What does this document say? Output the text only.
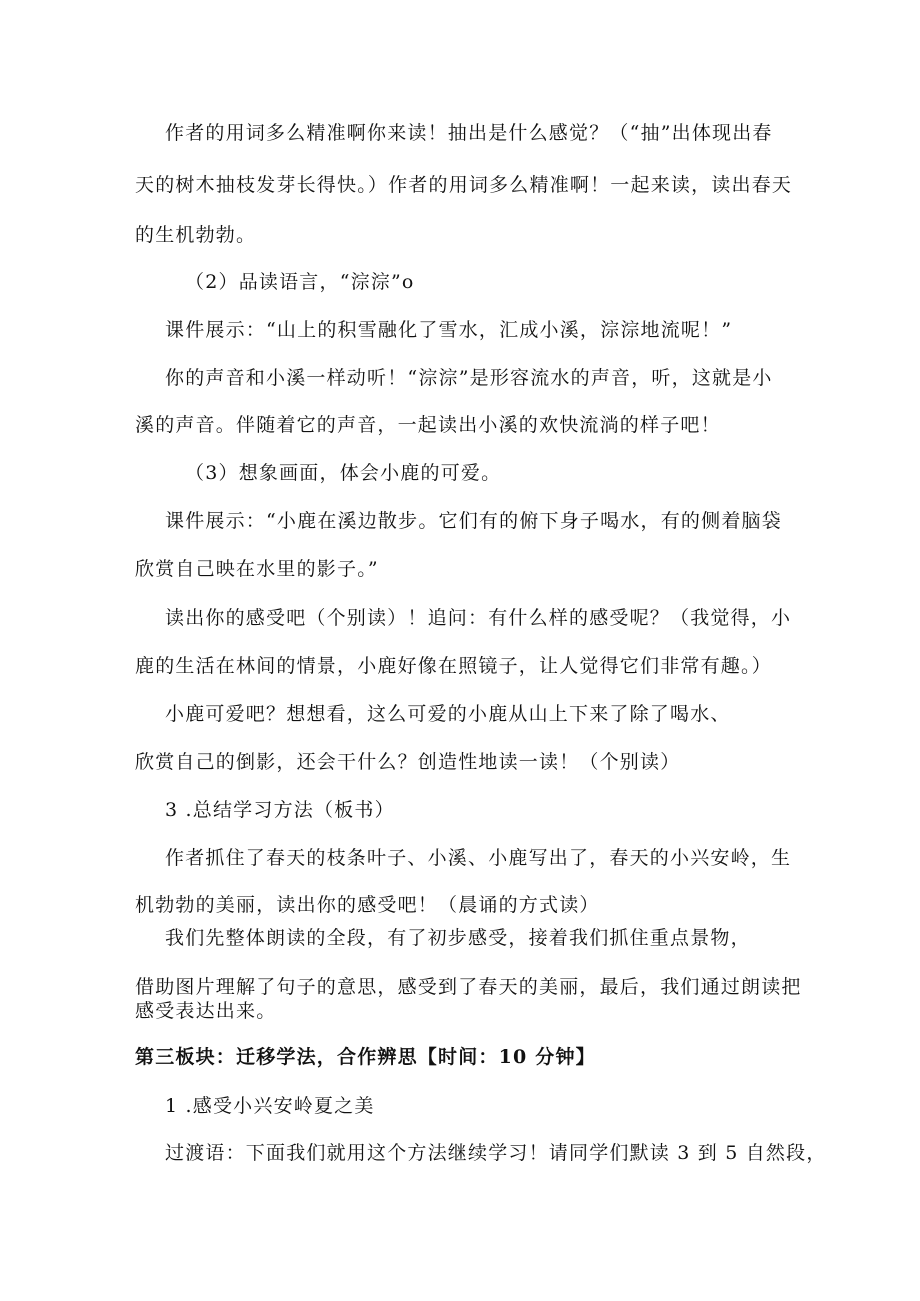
作者的用词多么精准啊你来读！抽出是什么感觉？（“抽”出体现出春
天的树木抽枝发芽长得快。）作者的用词多么精准啊！一起来读，读出春天
的生机勃勃。
（2）品读语言，“淙淙”o
课件展示：“山上的积雪融化了雪水，汇成小溪，淙淙地流呢！”
你的声音和小溪一样动听！“淙淙”是形容流水的声音，听，这就是小
溪的声音。伴随着它的声音，一起读出小溪的欢快流淌的样子吧！
（3）想象画面，体会小鹿的可爱。
课件展示：“小鹿在溪边散步。它们有的俯下身子喝水，有的侧着脑袋
欣赏自己映在水里的影子。”
读出你的感受吧（个别读）！追问：有什么样的感受呢？（我觉得，小
鹿的生活在林间的情景，小鹿好像在照镜子，让人觉得它们非常有趣。）
小鹿可爱吧？想想看，这么可爱的小鹿从山上下来了除了喝水、
欣赏自己的倒影，还会干什么？创造性地读一读！（个别读）
3 .总结学习方法（板书）
作者抓住了春天的枝条叶子、小溪、小鹿写出了，春天的小兴安岭，生
机勃勃的美丽，读出你的感受吧！（晨诵的方式读）
我们先整体朗读的全段，有了初步感受，接着我们抓住重点景物，
借助图片理解了句子的意思，感受到了春天的美丽，最后，我们通过朗读把
感受表达出来。
第三板块：迁移学法，合作辨思【时间：10 分钟】
1 .感受小兴安岭夏之美
过渡语：下面我们就用这个方法继续学习！请同学们默读 3 到 5 自然段，
